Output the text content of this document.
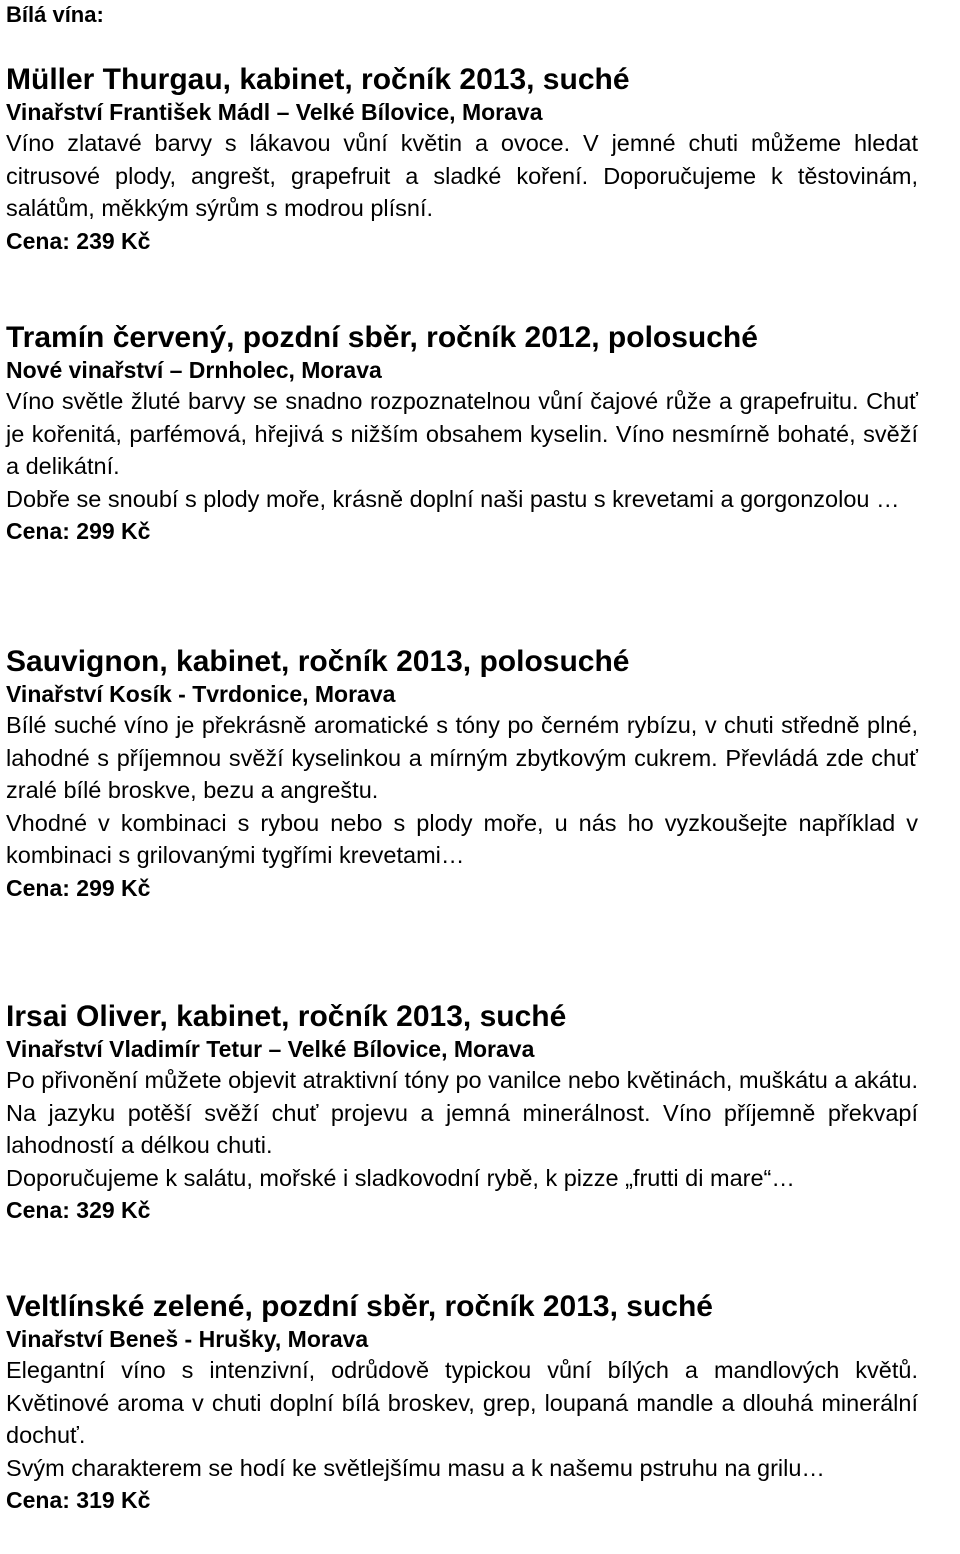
Bílá vína:

Müller Thurgau, kabinet, ročník 2013, suché

Vinařství František Mádl – Velké Bílovice, Morava

Víno zlatavé barvy s lákavou vůní květin a ovoce. V jemné chuti můžeme hledat citrusové plody, angrešt, grapefruit a sladké koření. Doporučujeme k těstovinám, salátům, měkkým sýrům s modrou plísní.

Cena: 239 Kč

Tramín červený, pozdní sběr, ročník 2012, polosuché

Nové vinařství – Drnholec, Morava

Víno světle žluté barvy se snadno rozpoznatelnou vůní čajové růže a grapefruitu. Chuť je kořenitá, parfémová, hřejivá s nižším obsahem kyselin. Víno nesmírně bohaté, svěží a delikátní.

Dobře se snoubí s plody moře, krásně doplní naši pastu s krevetami a gorgonzolou …

Cena: 299 Kč

Sauvignon, kabinet, ročník 2013, polosuché

Vinařství Kosík - Tvrdonice, Morava

Bílé suché víno je překrásně aromatické s tóny po černém rybízu, v chuti středně plné, lahodné s příjemnou svěží kyselinkou a mírným zbytkovým cukrem. Převládá zde chuť zralé bílé broskve, bezu a angreštu.

Vhodné v kombinaci s rybou nebo s plody moře, u nás ho vyzkoušejte například v kombinaci s grilovanými tygřími krevetami…

Cena: 299 Kč

Irsai Oliver, kabinet, ročník 2013, suché

Vinařství Vladimír Tetur – Velké Bílovice, Morava

Po přivonění můžete objevit atraktivní tóny po vanilce nebo květinách, muškátu a akátu. Na jazyku potěší svěží chuť projevu a jemná minerálnost. Víno příjemně překvapí lahodností a délkou chuti.

Doporučujeme k salátu, mořské i sladkovodní rybě, k pizze „frutti di mare“…

Cena: 329 Kč

Veltlínské zelené, pozdní sběr, ročník 2013, suché

Vinařství Beneš - Hrušky, Morava

Elegantní víno s intenzivní, odrůdově typickou vůní bílých a mandlových květů. Květinové aroma v chuti doplní bílá broskev, grep, loupaná mandle a dlouhá minerální dochuť.

Svým charakterem se hodí ke světlejšímu masu a k našemu pstruhu na grilu…

Cena: 319 Kč
